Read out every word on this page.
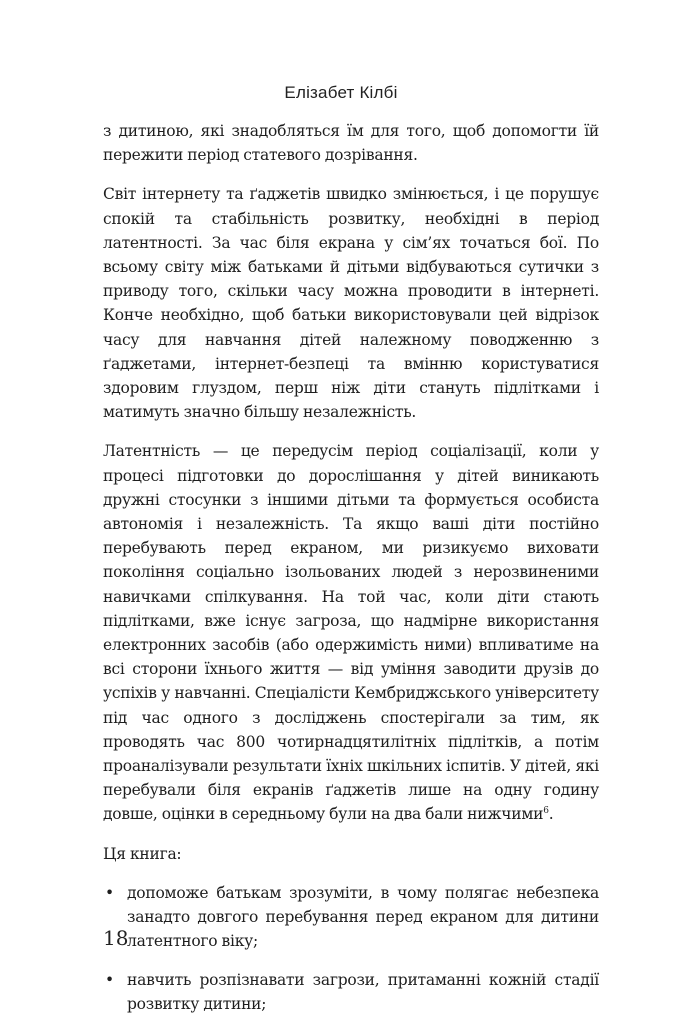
Елізабет Кілбі

з дитиною, які знадобляться їм для того, щоб допомогти їй пережити період статевого дозрівання.

Світ інтернету та ґаджетів швидко змінюється, і це порушує спокій та стабільність розвитку, необхідні в період латентності. За час біля екрана у сім’ях точаться бої. По всьому світу між батьками й дітьми відбуваються сутички з приводу того, скільки часу можна проводити в інтернеті. Конче необхідно, щоб батьки використовували цей відрізок часу для навчання дітей належному поводженню з ґаджетами, інтернет-безпеці та вмінню користуватися здоровим глуздом, перш ніж діти стануть підлітками і матимуть значно більшу незалежність.

Латентність — це передусім період соціалізації, коли у процесі підготовки до дорослішання у дітей виникають дружні стосунки з іншими дітьми та формується особиста автономія і незалежність. Та якщо ваші діти постійно перебувають перед екраном, ми ризикуємо виховати покоління соціально ізольованих людей з нерозвиненими навичками спілкування. На той час, коли діти стають підлітками, вже існує загроза, що надмірне використання електронних засобів (або одержимість ними) впливатиме на всі сторони їхнього життя — від уміння заводити друзів до успіхів у навчанні. Спеціалісти Кембриджського університету під час одного з досліджень спостерігали за тим, як проводять час 800 чотирнадцятилітніх підлітків, а потім проаналізували результати їхніх шкільних іспитів. У дітей, які перебували біля екранів ґаджетів лише на одну годину довше, оцінки в середньому були на два бали нижчими$^6$.

Ця книга:

• допоможе батькам зрозуміти, в чому полягає небезпека занадто довгого перебування перед екраном для дитини латентного віку;
• навчить розпізнавати загрози, притаманні кожній стадії розвитку дитини;
18
